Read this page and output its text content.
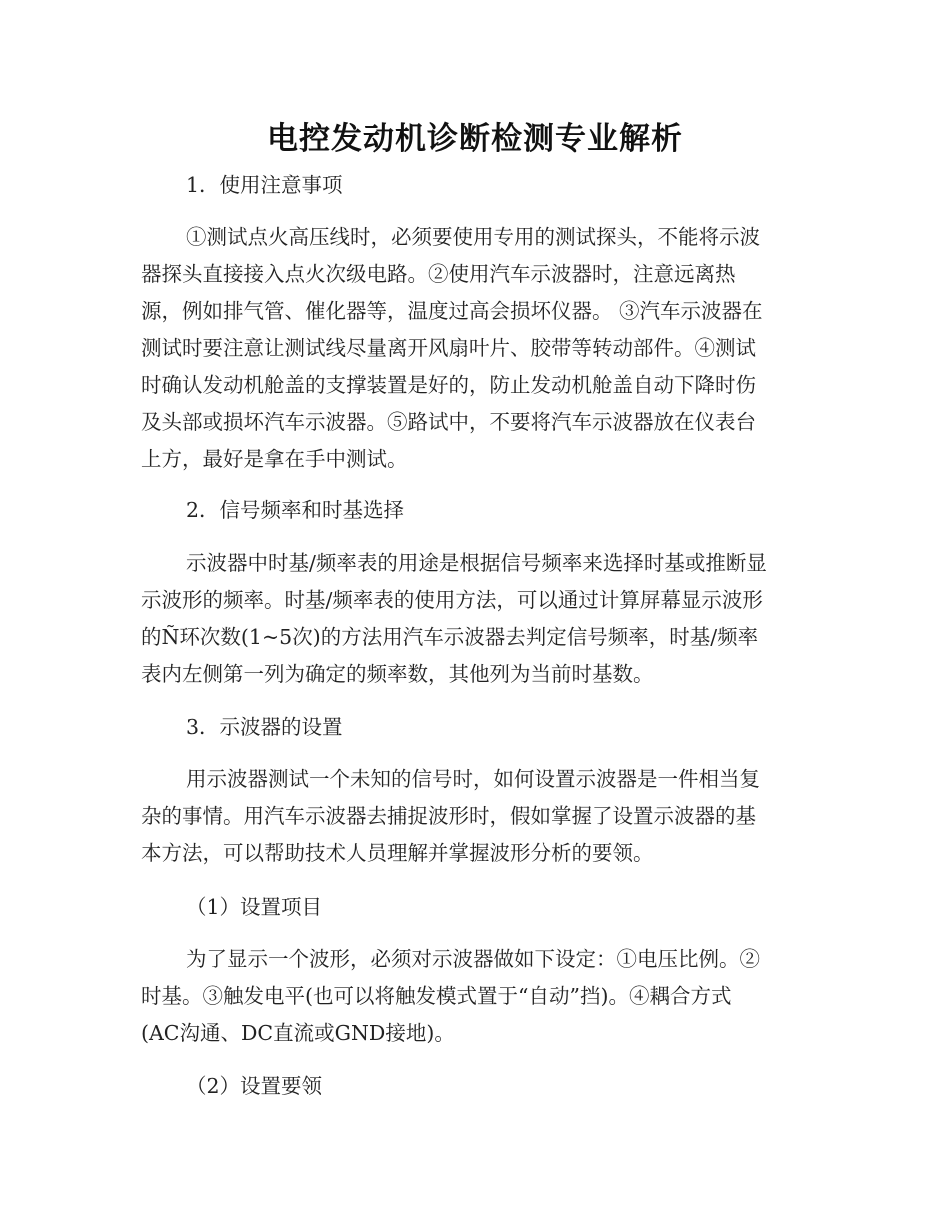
电控发动机诊断检测专业解析
1．使用注意事项
①测试点火高压线时，必须要使用专用的测试探头，不能将示波
器探头直接接入点火次级电路。②使用汽车示波器时，注意远离热
源，例如排气管、催化器等，温度过高会损坏仪器。 ③汽车示波器在
测试时要注意让测试线尽量离开风扇叶片、胶带等转动部件。④测试
时确认发动机舱盖的支撑装置是好的，防止发动机舱盖自动下降时伤
及头部或损坏汽车示波器。⑤路试中，不要将汽车示波器放在仪表台
上方，最好是拿在手中测试。
2．信号频率和时基选择
示波器中时基/频率表的用途是根据信号频率来选择时基或推断显
示波形的频率。时基/频率表的使用方法，可以通过计算屏幕显示波形
的Ñ环次数(1~5次)的方法用汽车示波器去判定信号频率，时基/频率
表内左侧第一列为确定的频率数，其他列为当前时基数。
3．示波器的设置
用示波器测试一个未知的信号时，如何设置示波器是一件相当复
杂的事情。用汽车示波器去捕捉波形时，假如掌握了设置示波器的基
本方法，可以帮助技术人员理解并掌握波形分析的要领。
（1）设置项目
为了显示一个波形，必须对示波器做如下设定：①电压比例。②
时基。③触发电平(也可以将触发模式置于“自动”挡)。④耦合方式
(AC沟通、DC直流或GND接地)。
（2）设置要领
